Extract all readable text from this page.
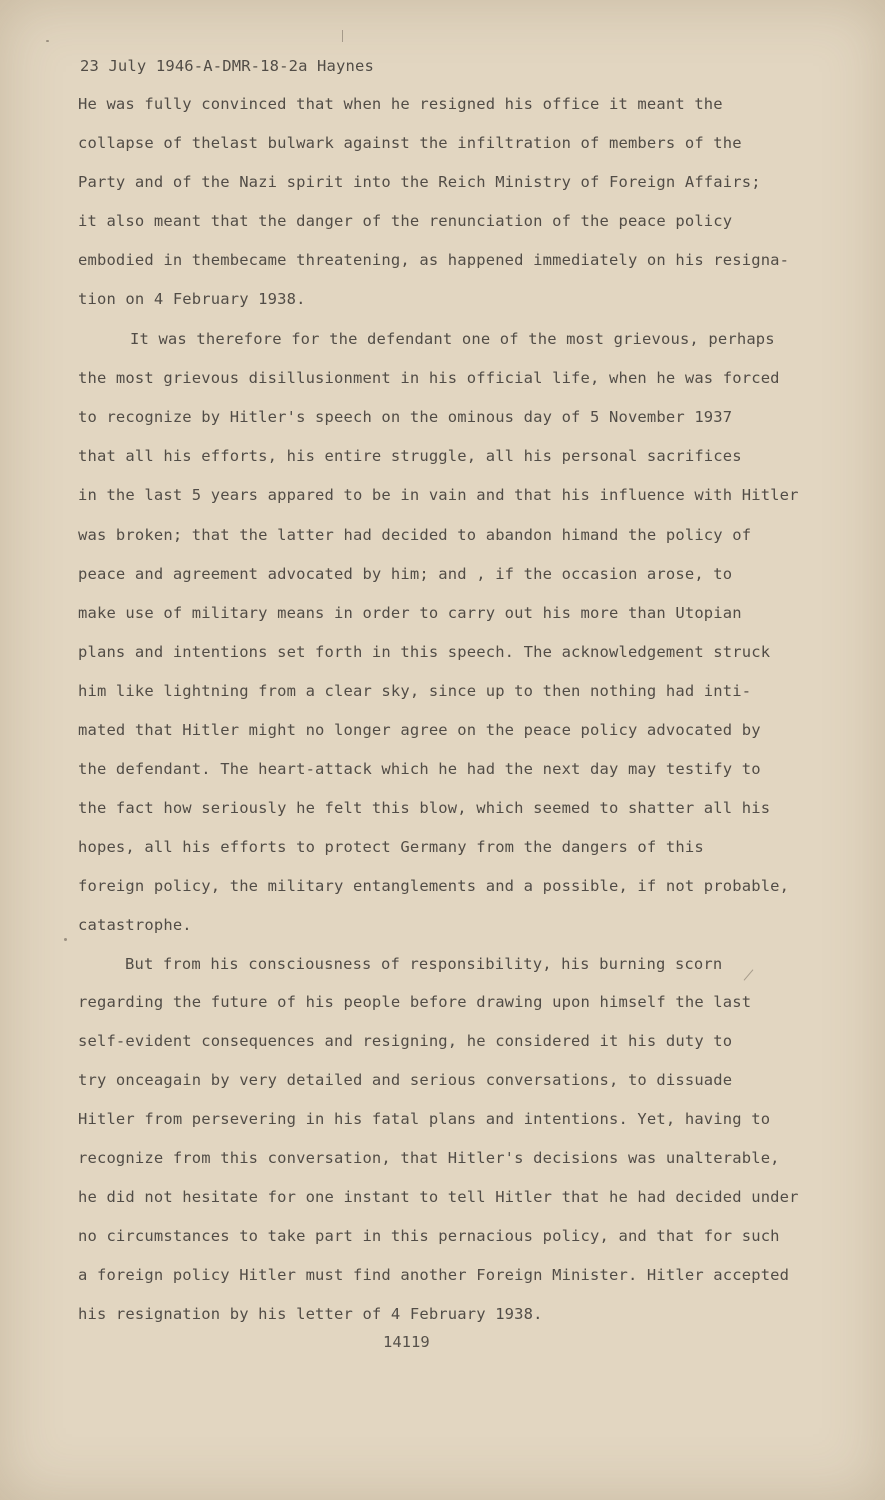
23 July 1946-A-DMR-18-2a Haynes
He was fully convinced that when he resigned his office it meant the
collapse of thelast bulwark against the infiltration of members of the
Party and of the Nazi spirit into the Reich Ministry of Foreign Affairs;
it also meant that the danger of the renunciation of the peace policy
embodied in thembecame threatening, as happened immediately on his resigna-
tion on 4 February 1938.
It was therefore for the defendant one of the most grievous, perhaps
the most grievous disillusionment in his official life, when he was forced
to recognize by Hitler's speech on the ominous day of 5 November 1937
that all his efforts, his entire struggle, all his personal sacrifices
in the last 5 years appared to be in vain and that his influence with Hitler
was broken; that the latter had decided to abandon himand the policy of
peace and agreement advocated by him; and , if the occasion arose, to
make use of military means in order to carry out his more than Utopian
plans and intentions set forth in this speech. The acknowledgement struck
him like lightning from a clear sky, since up to then nothing had inti-
mated that Hitler might no longer agree on the peace policy advocated by
the defendant. The heart-attack which he had the next day may testify to
the fact how seriously he felt this blow, which seemed to shatter all his
hopes, all his efforts to protect Germany from the dangers of this
foreign policy, the military entanglements and a possible, if not probable,
catastrophe.
But from his consciousness of responsibility, his burning scorn
regarding the future of his people before drawing upon himself the last
self-evident consequences and resigning, he considered it his duty to
try onceagain by very detailed and serious conversations, to dissuade
Hitler from persevering in his fatal plans and intentions. Yet, having to
recognize from this conversation, that Hitler's decisions was unalterable,
he did not hesitate for one instant to tell Hitler that he had decided under
no circumstances to take part in this pernacious policy, and that for such
a foreign policy Hitler must find another Foreign Minister. Hitler accepted
his resignation by his letter of 4 February 1938.
14119
